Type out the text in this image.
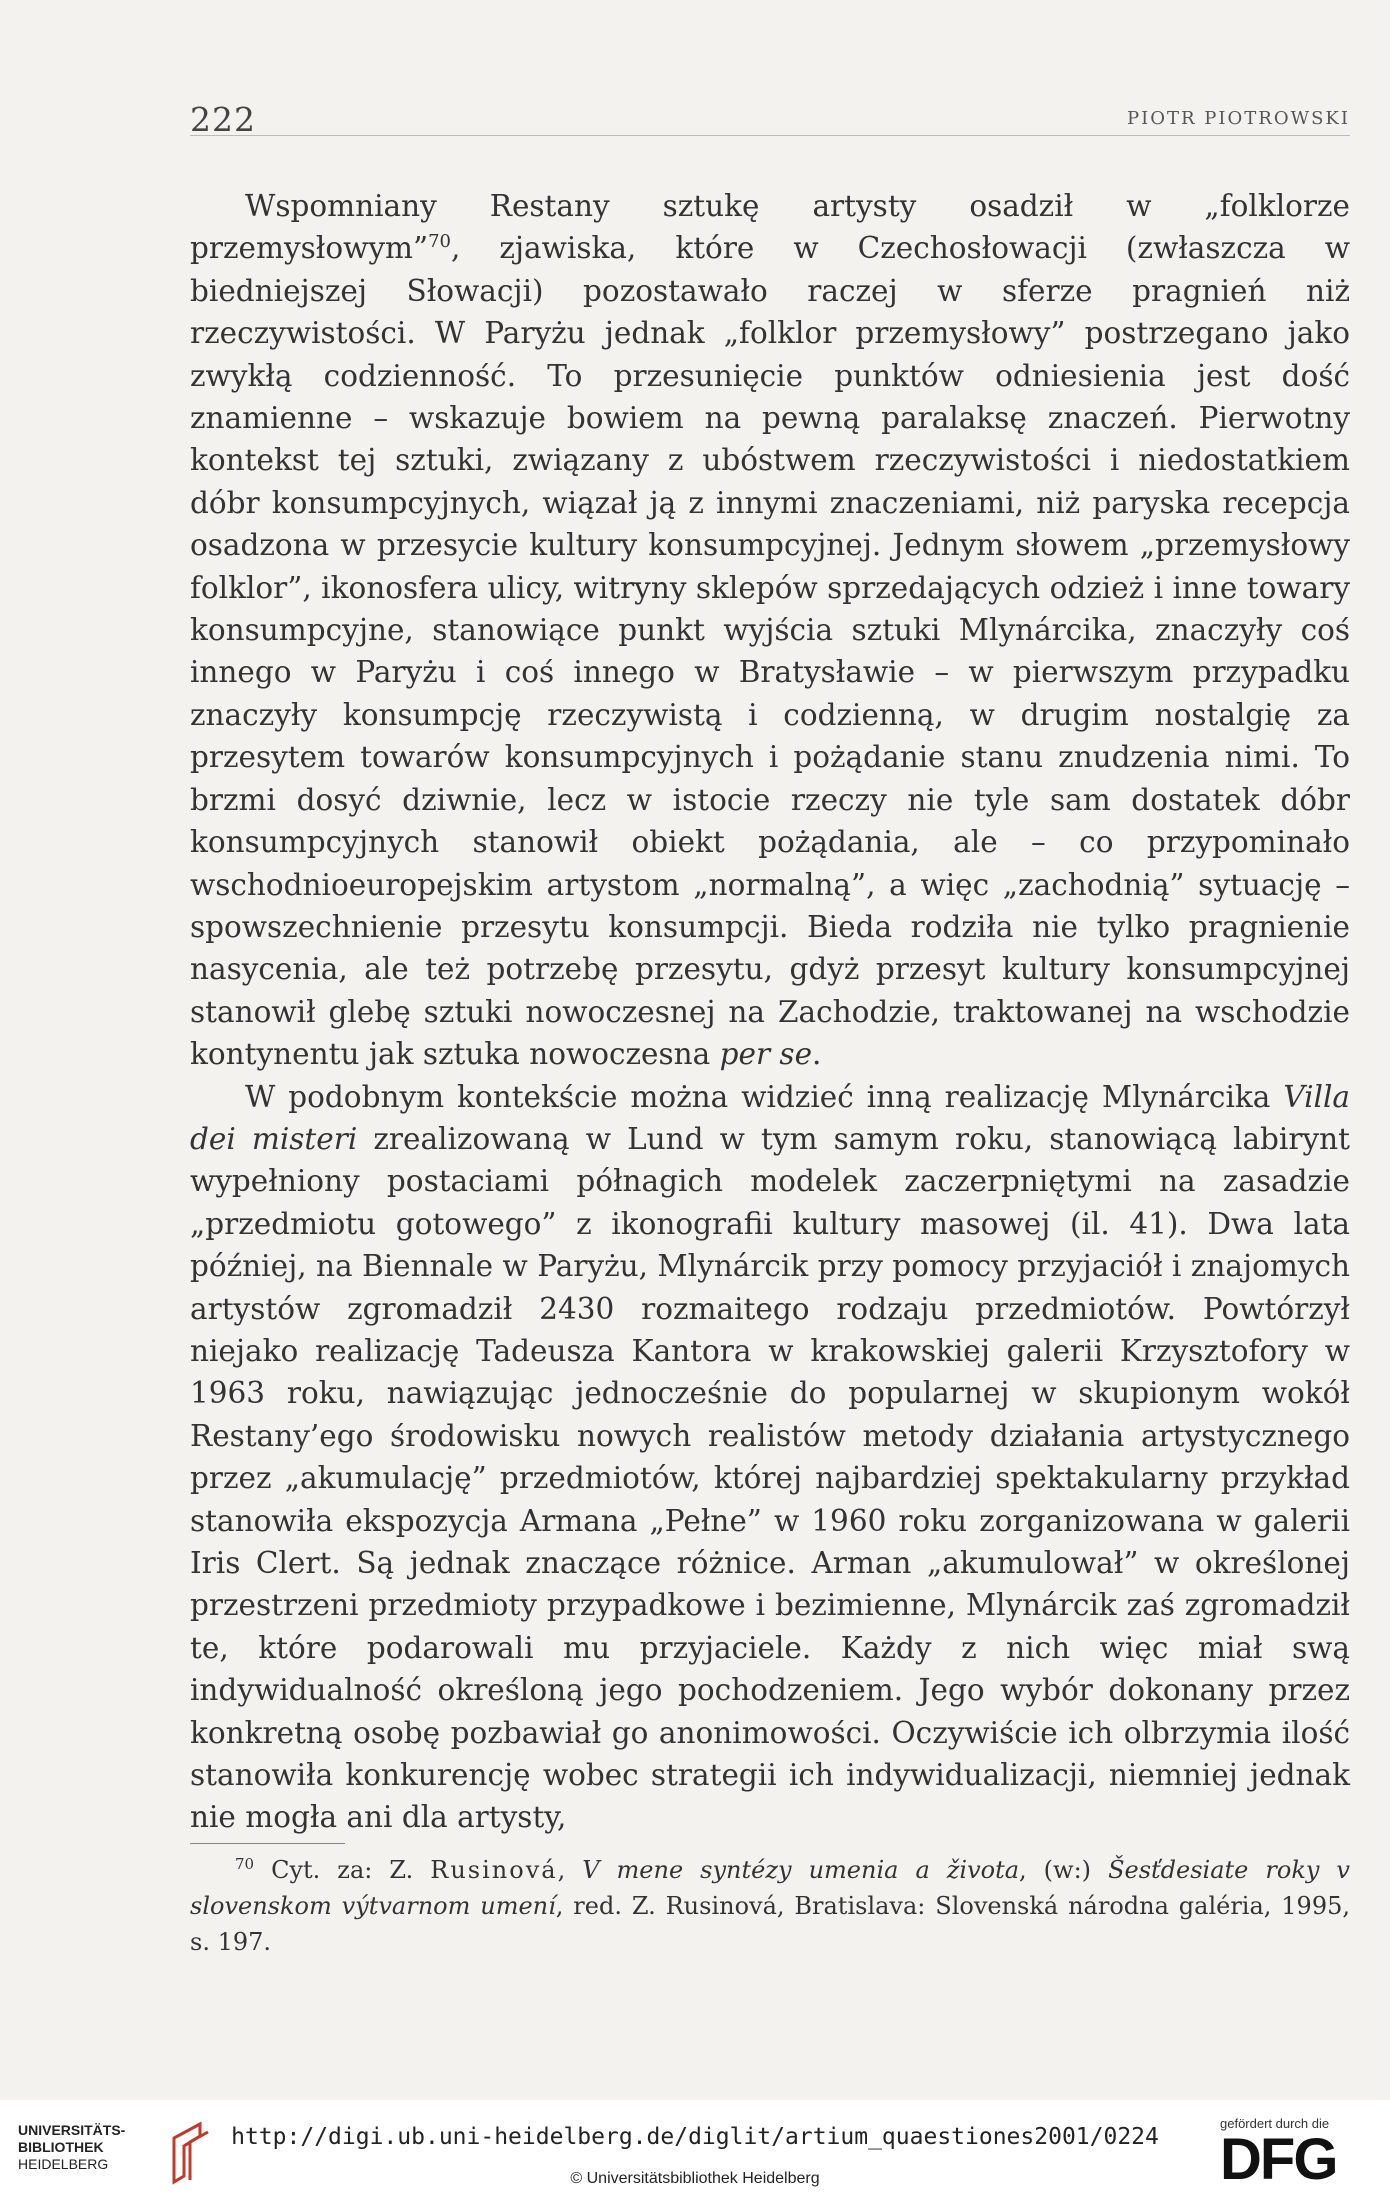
222	PIOTR PIOTROWSKI

Wspomniany Restany sztukę artysty osadził w „folklorze przemysłowym”$^{70}$, zjawiska, które w Czechosłowacji (zwłaszcza w biedniejszej Słowacji) pozostawało raczej w sferze pragnień niż rzeczywistości. W Paryżu jednak „folklor przemysłowy” postrzegano jako zwykłą codzienność. To przesunięcie punktów odniesienia jest dość znamienne – wskazuje bowiem na pewną paralaksę znaczeń. Pierwotny kontekst tej sztuki, związany z ubóstwem rzeczywistości i niedostatkiem dóbr konsumpcyjnych, wiązał ją z innymi znaczeniami, niż paryska recepcja osadzona w przesycie kultury konsumpcyjnej. Jednym słowem „przemysłowy folklor”, ikonosfera ulicy, witryny sklepów sprzedających odzież i inne towary konsumpcyjne, stanowiące punkt wyjścia sztuki Mlynárcika, znaczyły coś innego w Paryżu i coś innego w Bratysławie – w pierwszym przypadku znaczyły konsumpcję rzeczywistą i codzienną, w drugim nostalgię za przesytem towarów konsumpcyjnych i pożądanie stanu znudzenia nimi. To brzmi dosyć dziwnie, lecz w istocie rzeczy nie tyle sam dostatek dóbr konsumpcyjnych stanowił obiekt pożądania, ale – co przypominało wschodnioeuropejskim artystom „normalną”, a więc „zachodnią” sytuację – spowszechnienie przesytu konsumpcji. Bieda rodziła nie tylko pragnienie nasycenia, ale też potrzebę przesytu, gdyż przesyt kultury konsumpcyjnej stanowił glebę sztuki nowoczesnej na Zachodzie, traktowanej na wschodzie kontynentu jak sztuka nowoczesna per se.

W podobnym kontekście można widzieć inną realizację Mlynárcika Villa dei misteri zrealizowaną w Lund w tym samym roku, stanowiącą labirynt wypełniony postaciami półnagich modelek zaczerpniętymi na zasadzie „przedmiotu gotowego” z ikonografii kultury masowej (il. 41). Dwa lata później, na Biennale w Paryżu, Mlynárcik przy pomocy przyjaciół i znajomych artystów zgromadził 2430 rozmaitego rodzaju przedmiotów. Powtórzył niejako realizację Tadeusza Kantora w krakowskiej galerii Krzysztofory w 1963 roku, nawiązując jednocześnie do popularnej w skupionym wokół Restany’ego środowisku nowych realistów metody działania artystycznego przez „akumulację” przedmiotów, której najbardziej spektakularny przykład stanowiła ekspozycja Armana „Pełne” w 1960 roku zorganizowana w galerii Iris Clert. Są jednak znaczące różnice. Arman „akumulował” w określonej przestrzeni przedmioty przypadkowe i bezimienne, Mlynárcik zaś zgromadził te, które podarowali mu przyjaciele. Każdy z nich więc miał swą indywidualność określoną jego pochodzeniem. Jego wybór dokonany przez konkretną osobę pozbawiał go anonimowości. Oczywiście ich olbrzymia ilość stanowiła konkurencję wobec strategii ich indywidualizacji, niemniej jednak nie mogła ani dla artysty,

$^{70}$ Cyt. za: Z. Rusinová, V mene syntézy umenia a života, (w:) Šesťdesiate roky v slovenskom výtvarnom umení, red. Z. Rusinová, Bratislava: Slovenská národna galéria, 1995, s. 197.
UNIVERSITÄTS-
BIBLIOTHEK
HEIDELBERG
http://digi.ub.uni-heidelberg.de/diglit/artium_quaestiones2001/0224
© Universitätsbibliothek Heidelberg
gefördert durch die
DFG
